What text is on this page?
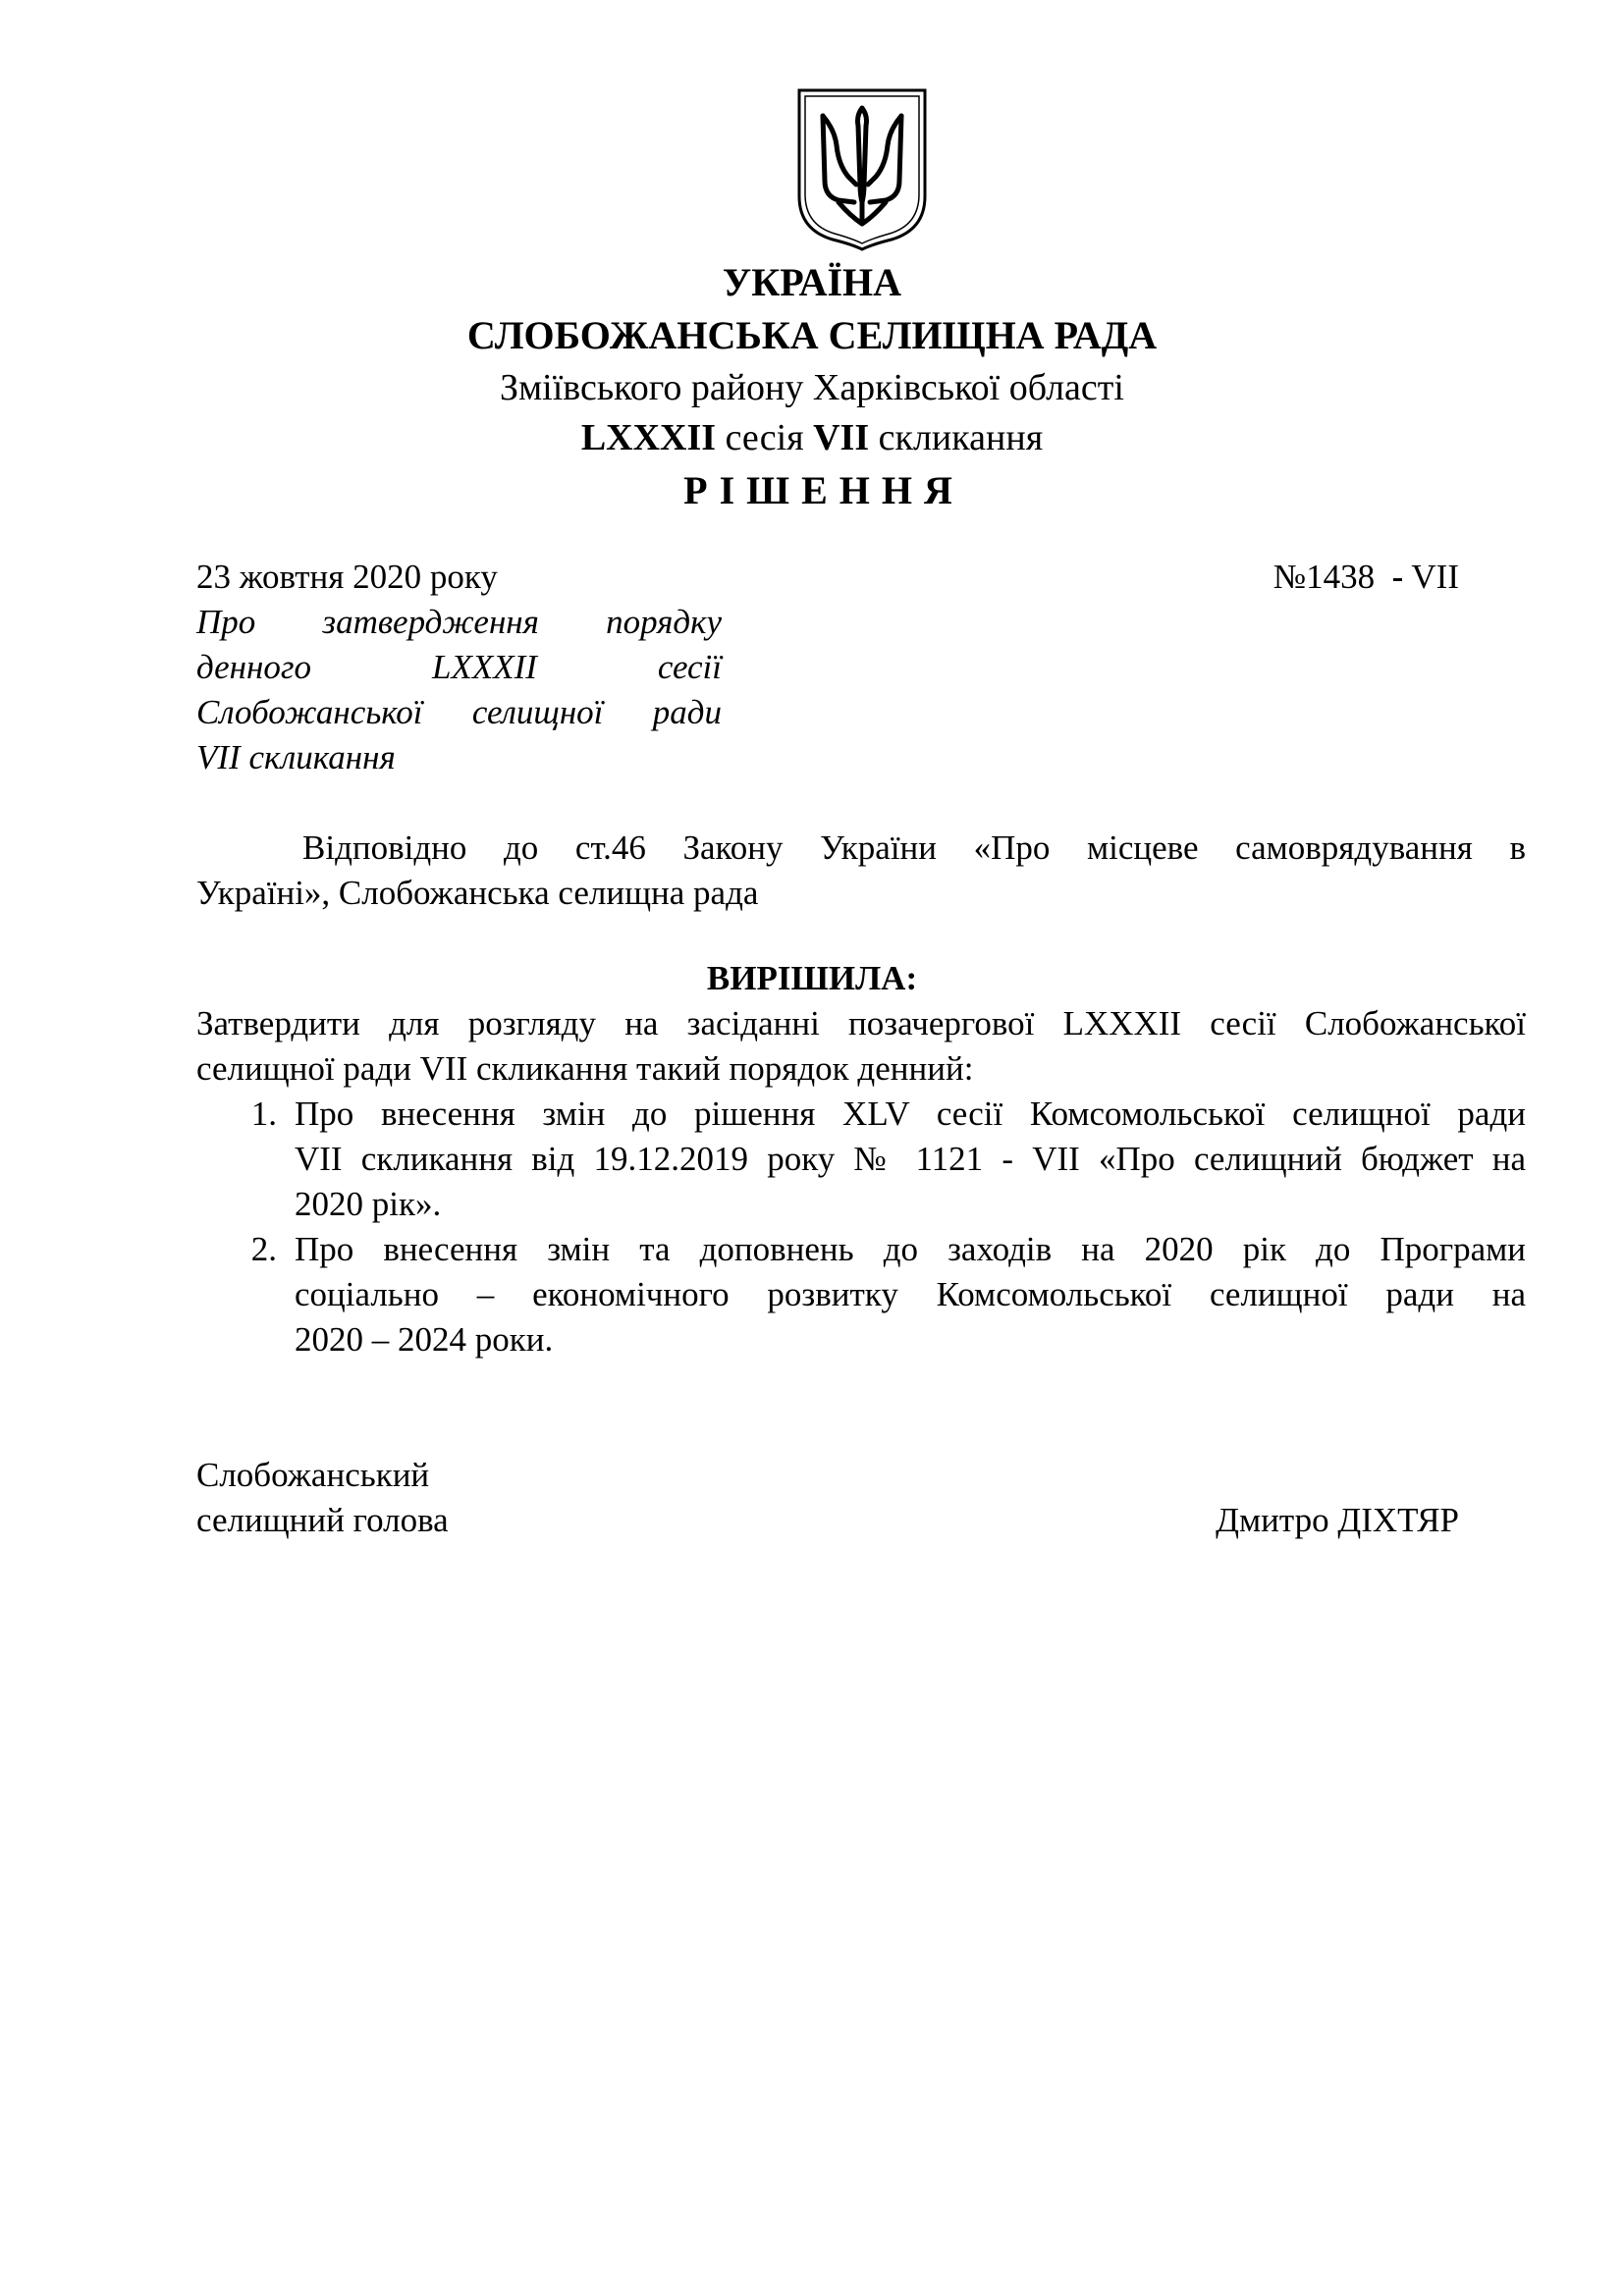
УКРАЇНА
СЛОБОЖАНСЬКА СЕЛИЩНА РАДА
Зміївського району Харківської області
LXXXII сесія VII скликання
РІШЕННЯ
23 жовтня 2020 року	№1438 - VII
Про затвердження порядку
денного LXXXII сесії
Слобожанської селищної ради
VII скликання
Відповідно до ст.46 Закону України «Про місцеве самоврядування в
Україні», Слобожанська селищна рада
ВИРІШИЛА:
Затвердити для розгляду на засіданні позачергової LXXXII сесії Слобожанської
селищної ради VII скликання такий порядок денний:
1. Про внесення змін до рішення XLV сесії Комсомольської селищної ради
VII скликання від 19.12.2019 року № 1121 - VII «Про селищний бюджет на
2020 рік».
2. Про внесення змін та доповнень до заходів на 2020 рік до Програми
соціально – економічного розвитку Комсомольської селищної ради на
2020 – 2024 роки.
Слобожанський
селищний голова	Дмитро ДІХТЯР
